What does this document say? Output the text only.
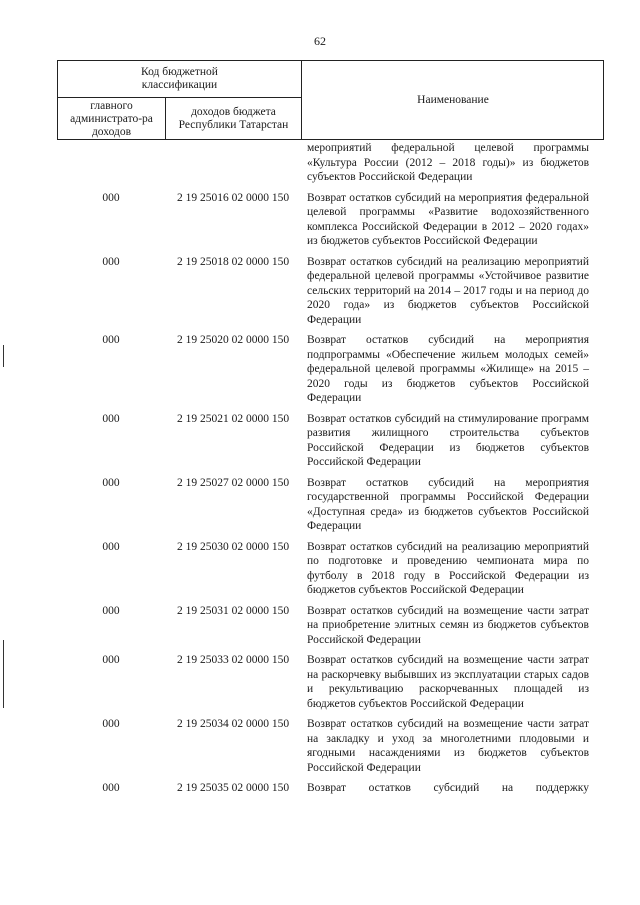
62
Код бюджетной классификации
главного администрато-ра доходов
доходов бюджета Республики Татарстан
Наименование
мероприятий федеральной целевой программы «Культура России (2012 – 2018 годы)» из бюджетов субъектов Российской Федерации
000	2 19 25016 02 0000 150	Возврат остатков субсидий на мероприятия федеральной целевой программы «Развитие водохозяйственного комплекса Российской Федерации в 2012 – 2020 годах» из бюджетов субъектов Российской Федерации
000	2 19 25018 02 0000 150	Возврат остатков субсидий на реализацию мероприятий федеральной целевой программы «Устойчивое развитие сельских территорий на 2014 – 2017 годы и на период до 2020 года» из бюджетов субъектов Российской Федерации
000	2 19 25020 02 0000 150	Возврат остатков субсидий на мероприятия подпрограммы «Обеспечение жильем молодых семей» федеральной целевой программы «Жилище» на 2015 – 2020 годы из бюджетов субъектов Российской Федерации
000	2 19 25021 02 0000 150	Возврат остатков субсидий на стимулирование программ развития жилищного строительства субъектов Российской Федерации из бюджетов субъектов Российской Федерации
000	2 19 25027 02 0000 150	Возврат остатков субсидий на мероприятия государственной программы Российской Федерации «Доступная среда» из бюджетов субъектов Российской Федерации
000	2 19 25030 02 0000 150	Возврат остатков субсидий на реализацию мероприятий по подготовке и проведению чемпионата мира по футболу в 2018 году в Российской Федерации из бюджетов субъектов Российской Федерации
000	2 19 25031 02 0000 150	Возврат остатков субсидий на возмещение части затрат на приобретение элитных семян из бюджетов субъектов Российской Федерации
000	2 19 25033 02 0000 150	Возврат остатков субсидий на возмещение части затрат на раскорчевку выбывших из эксплуатации старых садов и рекультивацию раскорчеванных площадей из бюджетов субъектов Российской Федерации
000	2 19 25034 02 0000 150	Возврат остатков субсидий на возмещение части затрат на закладку и уход за многолетними плодовыми и ягодными насаждениями из бюджетов субъектов Российской Федерации
000	2 19 25035 02 0000 150	Возврат остатков субсидий на поддержку
